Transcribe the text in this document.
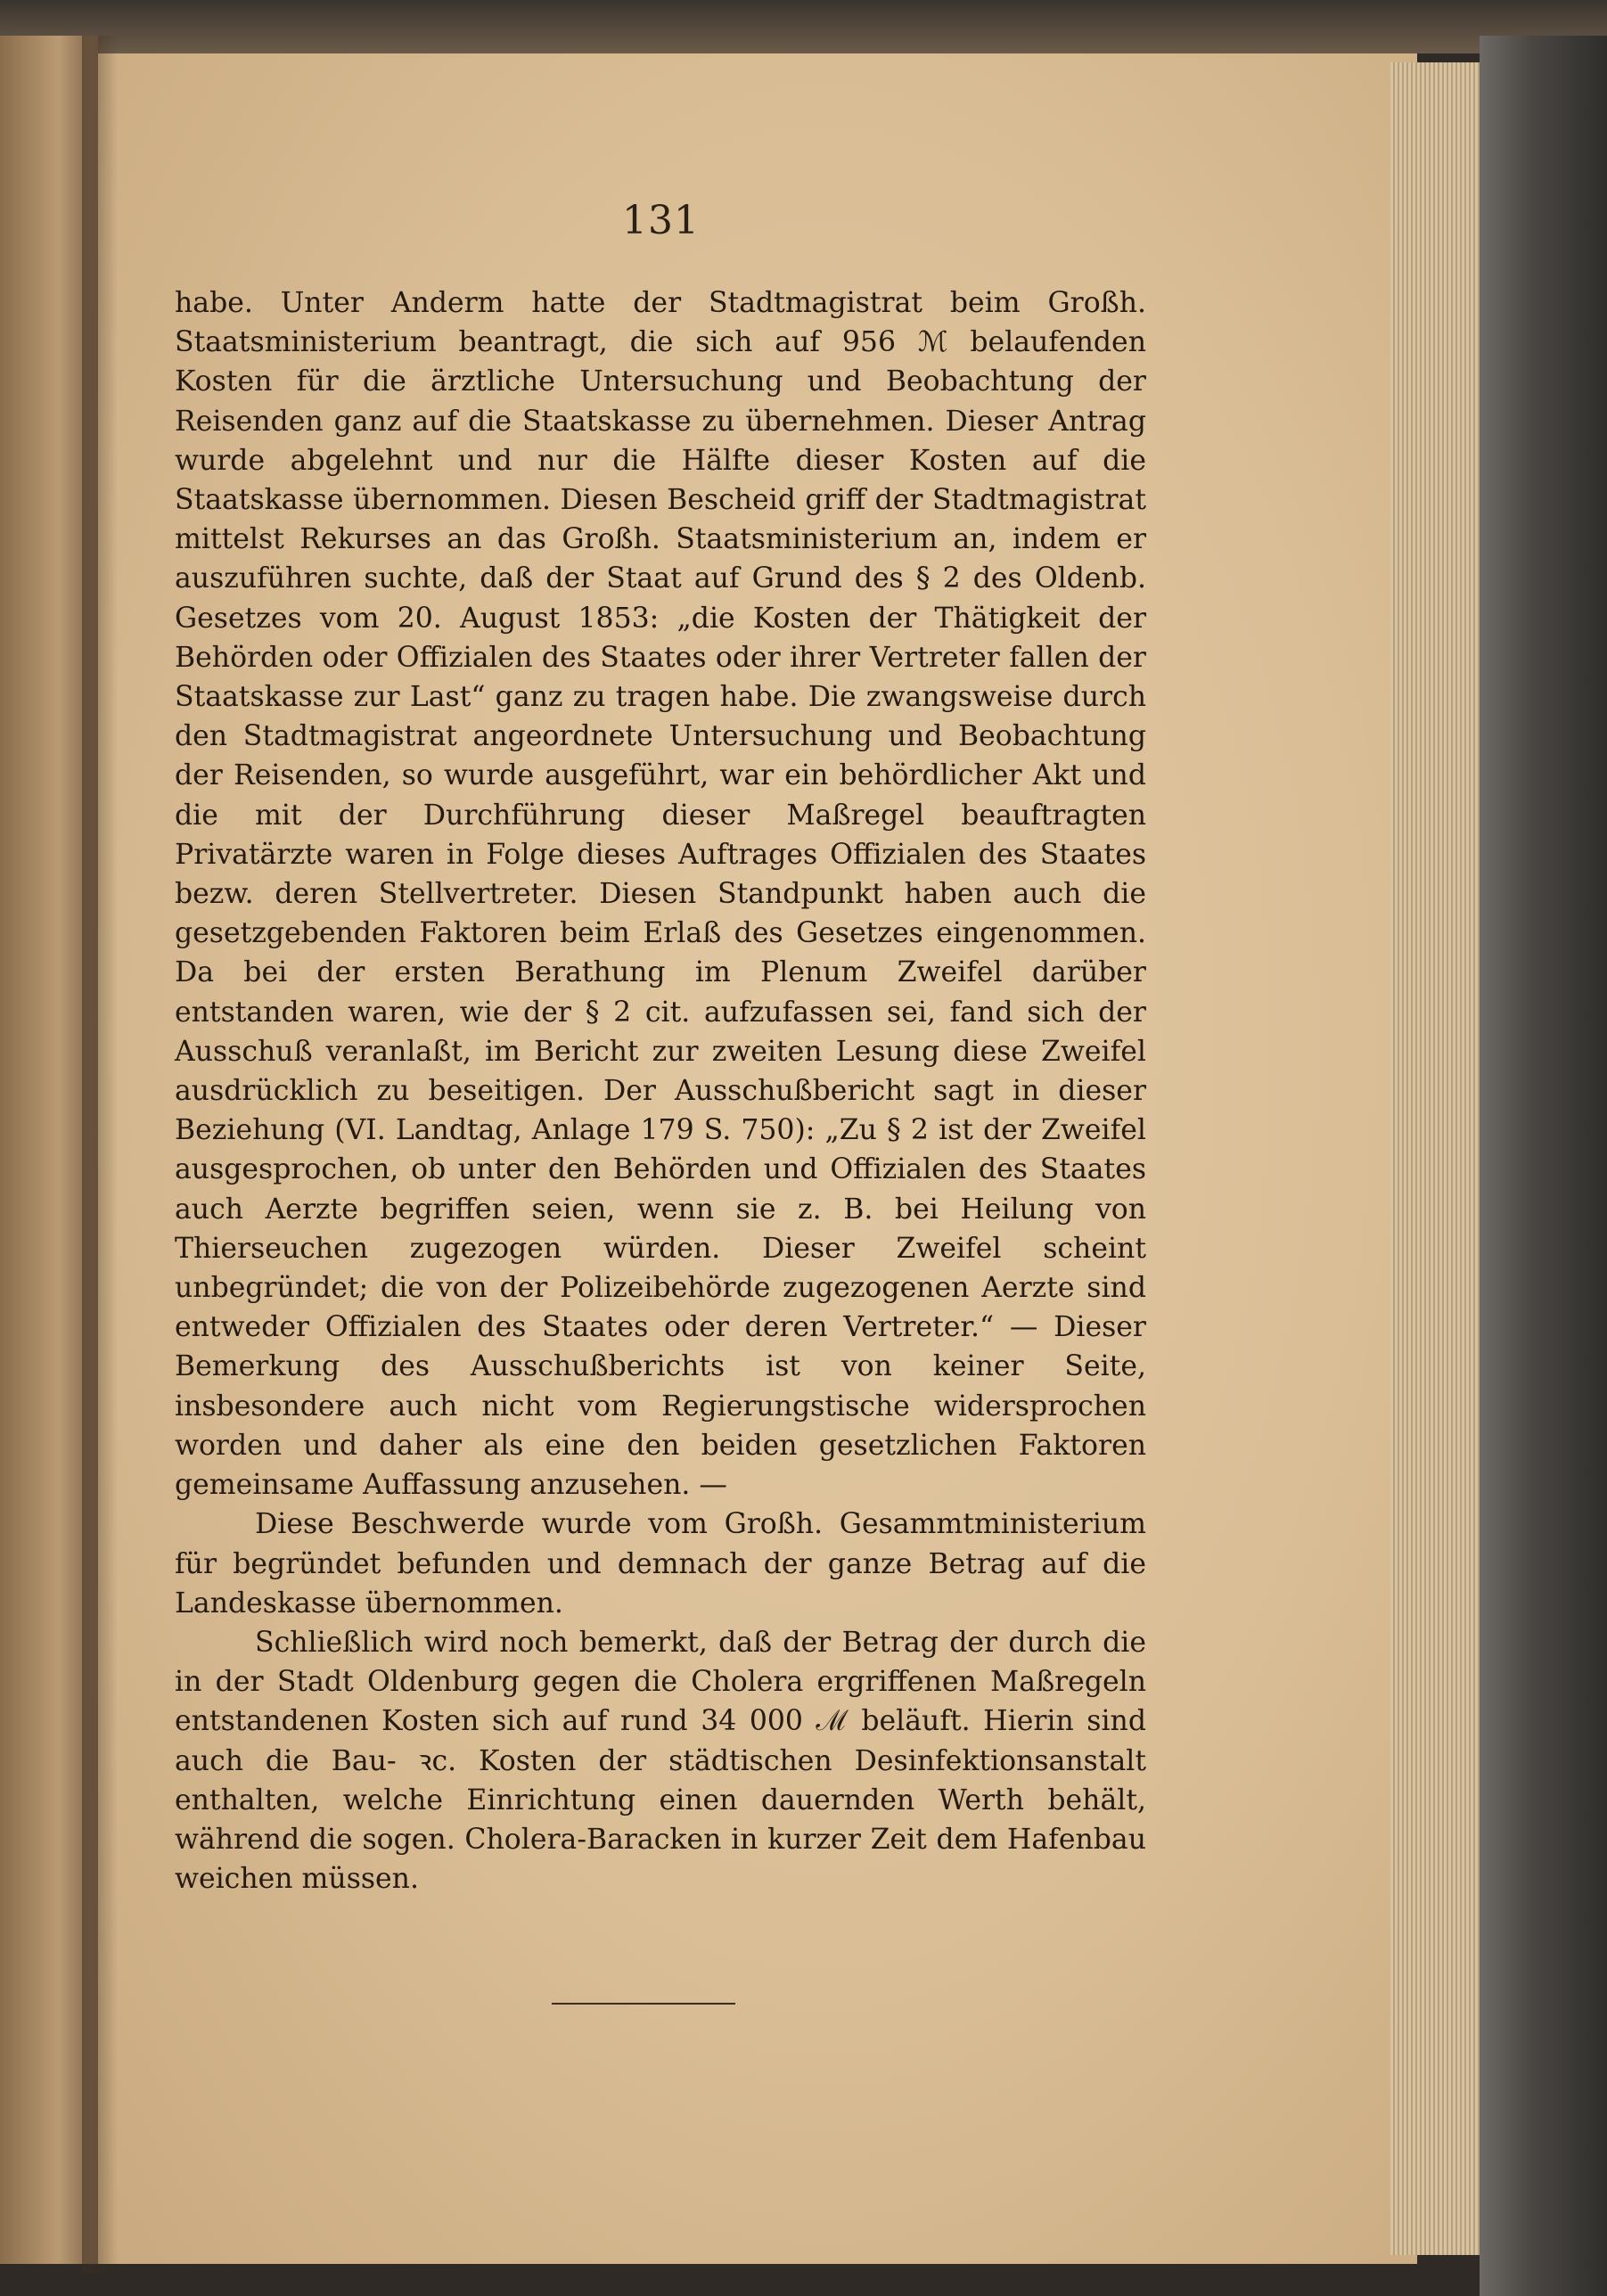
131

habe. Unter Anderm hatte der Stadtmagistrat beim Großh. Staatsministerium beantragt, die sich auf 956 ℳ belaufenden Kosten für die ärztliche Untersuchung und Beobachtung der Reisenden ganz auf die Staatskasse zu übernehmen. Dieser Antrag wurde abgelehnt und nur die Hälfte dieser Kosten auf die Staatskasse übernommen. Diesen Bescheid griff der Stadtmagistrat mittelst Rekurses an das Großh. Staatsministerium an, indem er auszuführen suchte, daß der Staat auf Grund des § 2 des Oldenb. Gesetzes vom 20. August 1853: „die Kosten der Thätigkeit der Behörden oder Offizialen des Staates oder ihrer Vertreter fallen der Staatskasse zur Last“ ganz zu tragen habe. Die zwangsweise durch den Stadtmagistrat angeordnete Untersuchung und Beobachtung der Reisenden, so wurde ausgeführt, war ein behördlicher Akt und die mit der Durchführung dieser Maßregel beauftragten Privatärzte waren in Folge dieses Auftrages Offizialen des Staates bezw. deren Stellvertreter. Diesen Standpunkt haben auch die gesetzgebenden Faktoren beim Erlaß des Gesetzes eingenommen. Da bei der ersten Berathung im Plenum Zweifel darüber entstanden waren, wie der § 2 cit. aufzufassen sei, fand sich der Ausschuß veranlaßt, im Bericht zur zweiten Lesung diese Zweifel ausdrücklich zu beseitigen. Der Ausschußbericht sagt in dieser Beziehung (VI. Landtag, Anlage 179 S. 750): „Zu § 2 ist der Zweifel ausgesprochen, ob unter den Behörden und Offizialen des Staates auch Aerzte begriffen seien, wenn sie z. B. bei Heilung von Thierseuchen zugezogen würden. Dieser Zweifel scheint unbegründet; die von der Polizeibehörde zugezogenen Aerzte sind entweder Offizialen des Staates oder deren Vertreter.“ — Dieser Bemerkung des Ausschußberichts ist von keiner Seite, insbesondere auch nicht vom Regierungstische widersprochen worden und daher als eine den beiden gesetzlichen Faktoren gemeinsame Auffassung anzusehen. —

Diese Beschwerde wurde vom Großh. Gesammtministerium für begründet befunden und demnach der ganze Betrag auf die Landeskasse übernommen.

Schließlich wird noch bemerkt, daß der Betrag der durch die in der Stadt Oldenburg gegen die Cholera ergriffenen Maßregeln entstandenen Kosten sich auf rund 34 000 ℳ beläuft. Hierin sind auch die Bau- ꝛc. Kosten der städtischen Desinfektionsanstalt enthalten, welche Einrichtung einen dauernden Werth behält, während die sogen. Cholera-Baracken in kurzer Zeit dem Hafenbau weichen müssen.
